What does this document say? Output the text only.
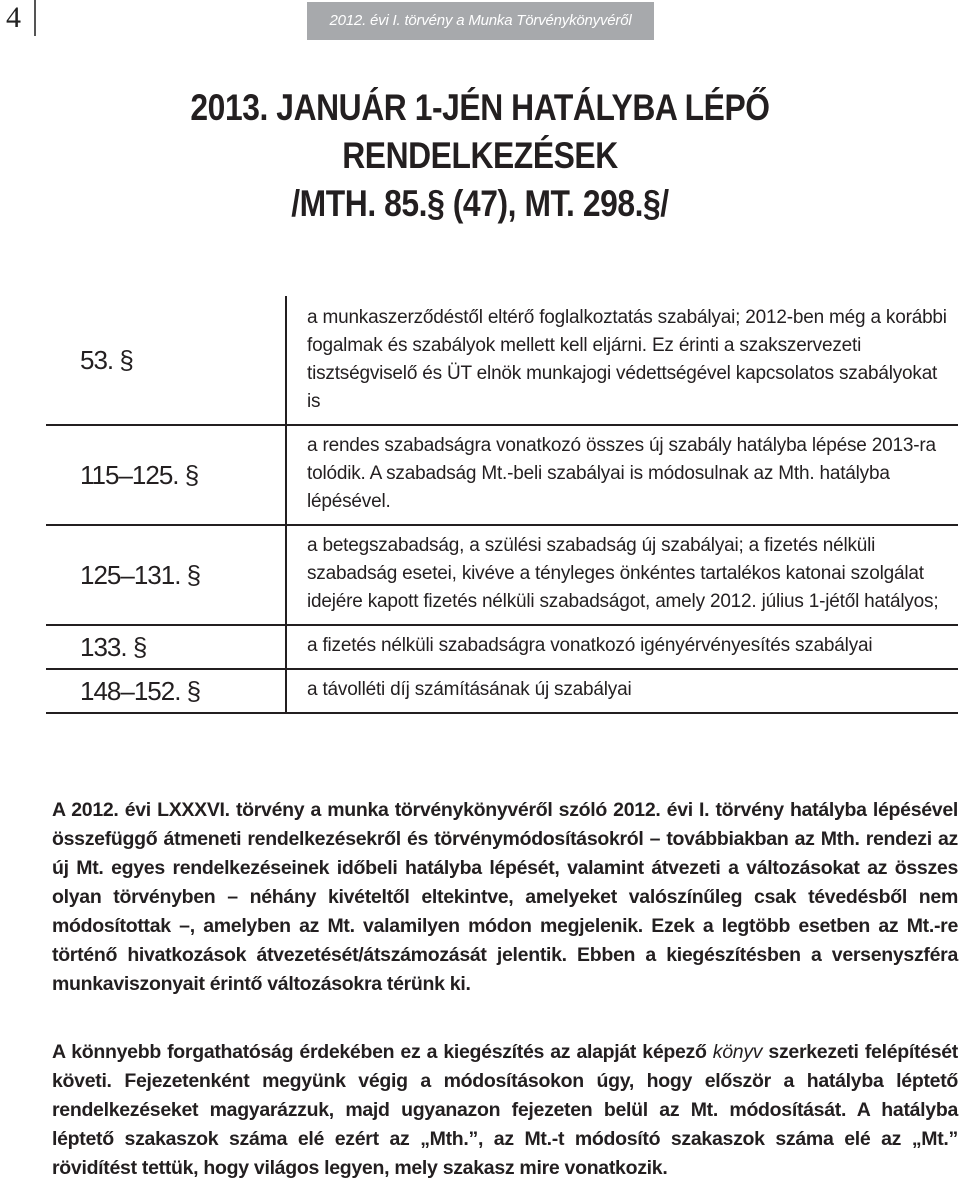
4	2012. évi I. törvény a Munka Törvénykönyvéről
2013. JANUÁR 1-JÉN HATÁLYBA LÉPŐ
RENDELKEZÉSEK
/MTH. 85.§ (47), MT. 298.§/
53. §	a munkaszerződéstől eltérő foglalkoztatás szabályai; 2012-ben még a korábbi fogalmak és szabályok mellett kell eljárni. Ez érinti a szakszervezeti tisztségviselő és ÜT elnök munkajogi védettségével kapcsolatos szabályokat is
115–125. §	a rendes szabadságra vonatkozó összes új szabály hatályba lépése 2013-ra tolódik. A szabadság Mt.-beli szabályai is módosulnak az Mth. hatályba lépésével.
125–131. §	a betegszabadság, a szülési szabadság új szabályai; a fizetés nélküli szabadság esetei, kivéve a tényleges önkéntes tartalékos katonai szolgálat idejére kapott fizetés nélküli szabadságot, amely 2012. július 1-jétől hatályos;
133. §	a fizetés nélküli szabadságra vonatkozó igényérvényesítés szabályai
148–152. §	a távolléti díj számításának új szabályai
A 2012. évi LXXXVI. törvény a munka törvénykönyvéről szóló 2012. évi I. törvény hatályba lépésével összefüggő átmeneti rendelkezésekről és törvénymódosításokról – továbbiakban az Mth. rendezi az új Mt. egyes rendelkezéseinek időbeli hatályba lépését, valamint átvezeti a változásokat az összes olyan törvényben – néhány kivételtől eltekintve, amelyeket valószínűleg csak tévedésből nem módosítottak –, amelyben az Mt. valamilyen módon megjelenik. Ezek a legtöbb esetben az Mt.-re történő hivatkozások átvezetését/átszámozását jelentik. Ebben a kiegészítésben a versenyszféra munkaviszonyait érintő változásokra térünk ki.
A könnyebb forgathatóság érdekében ez a kiegészítés az alapját képező könyv szerkezeti felépítését követi. Fejezetenként megyünk végig a módosításokon úgy, hogy először a hatályba léptető rendelkezéseket magyarázzuk, majd ugyanazon fejezeten belül az Mt. módosítását. A hatályba léptető szakaszok száma elé ezért az „Mth.”, az Mt.-t módosító szakaszok száma elé az „Mt.” rövidítést tettük, hogy világos legyen, mely szakasz mire vonatkozik.
